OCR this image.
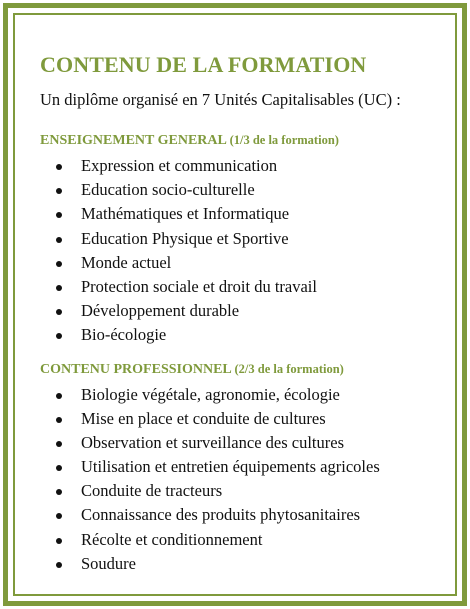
CONTENU DE LA FORMATION

Un diplôme organisé en 7 Unités Capitalisables (UC) :

ENSEIGNEMENT GENERAL (1/3 de la formation)
Expression et communication
Education socio-culturelle
Mathématiques et Informatique
Education Physique et Sportive
Monde actuel
Protection sociale et droit du travail
Développement durable
Bio-écologie
CONTENU PROFESSIONNEL (2/3 de la formation)
Biologie végétale, agronomie, écologie
Mise en place et conduite de cultures
Observation et surveillance des cultures
Utilisation et entretien équipements agricoles
Conduite de tracteurs
Connaissance des produits phytosanitaires
Récolte et conditionnement
Soudure
